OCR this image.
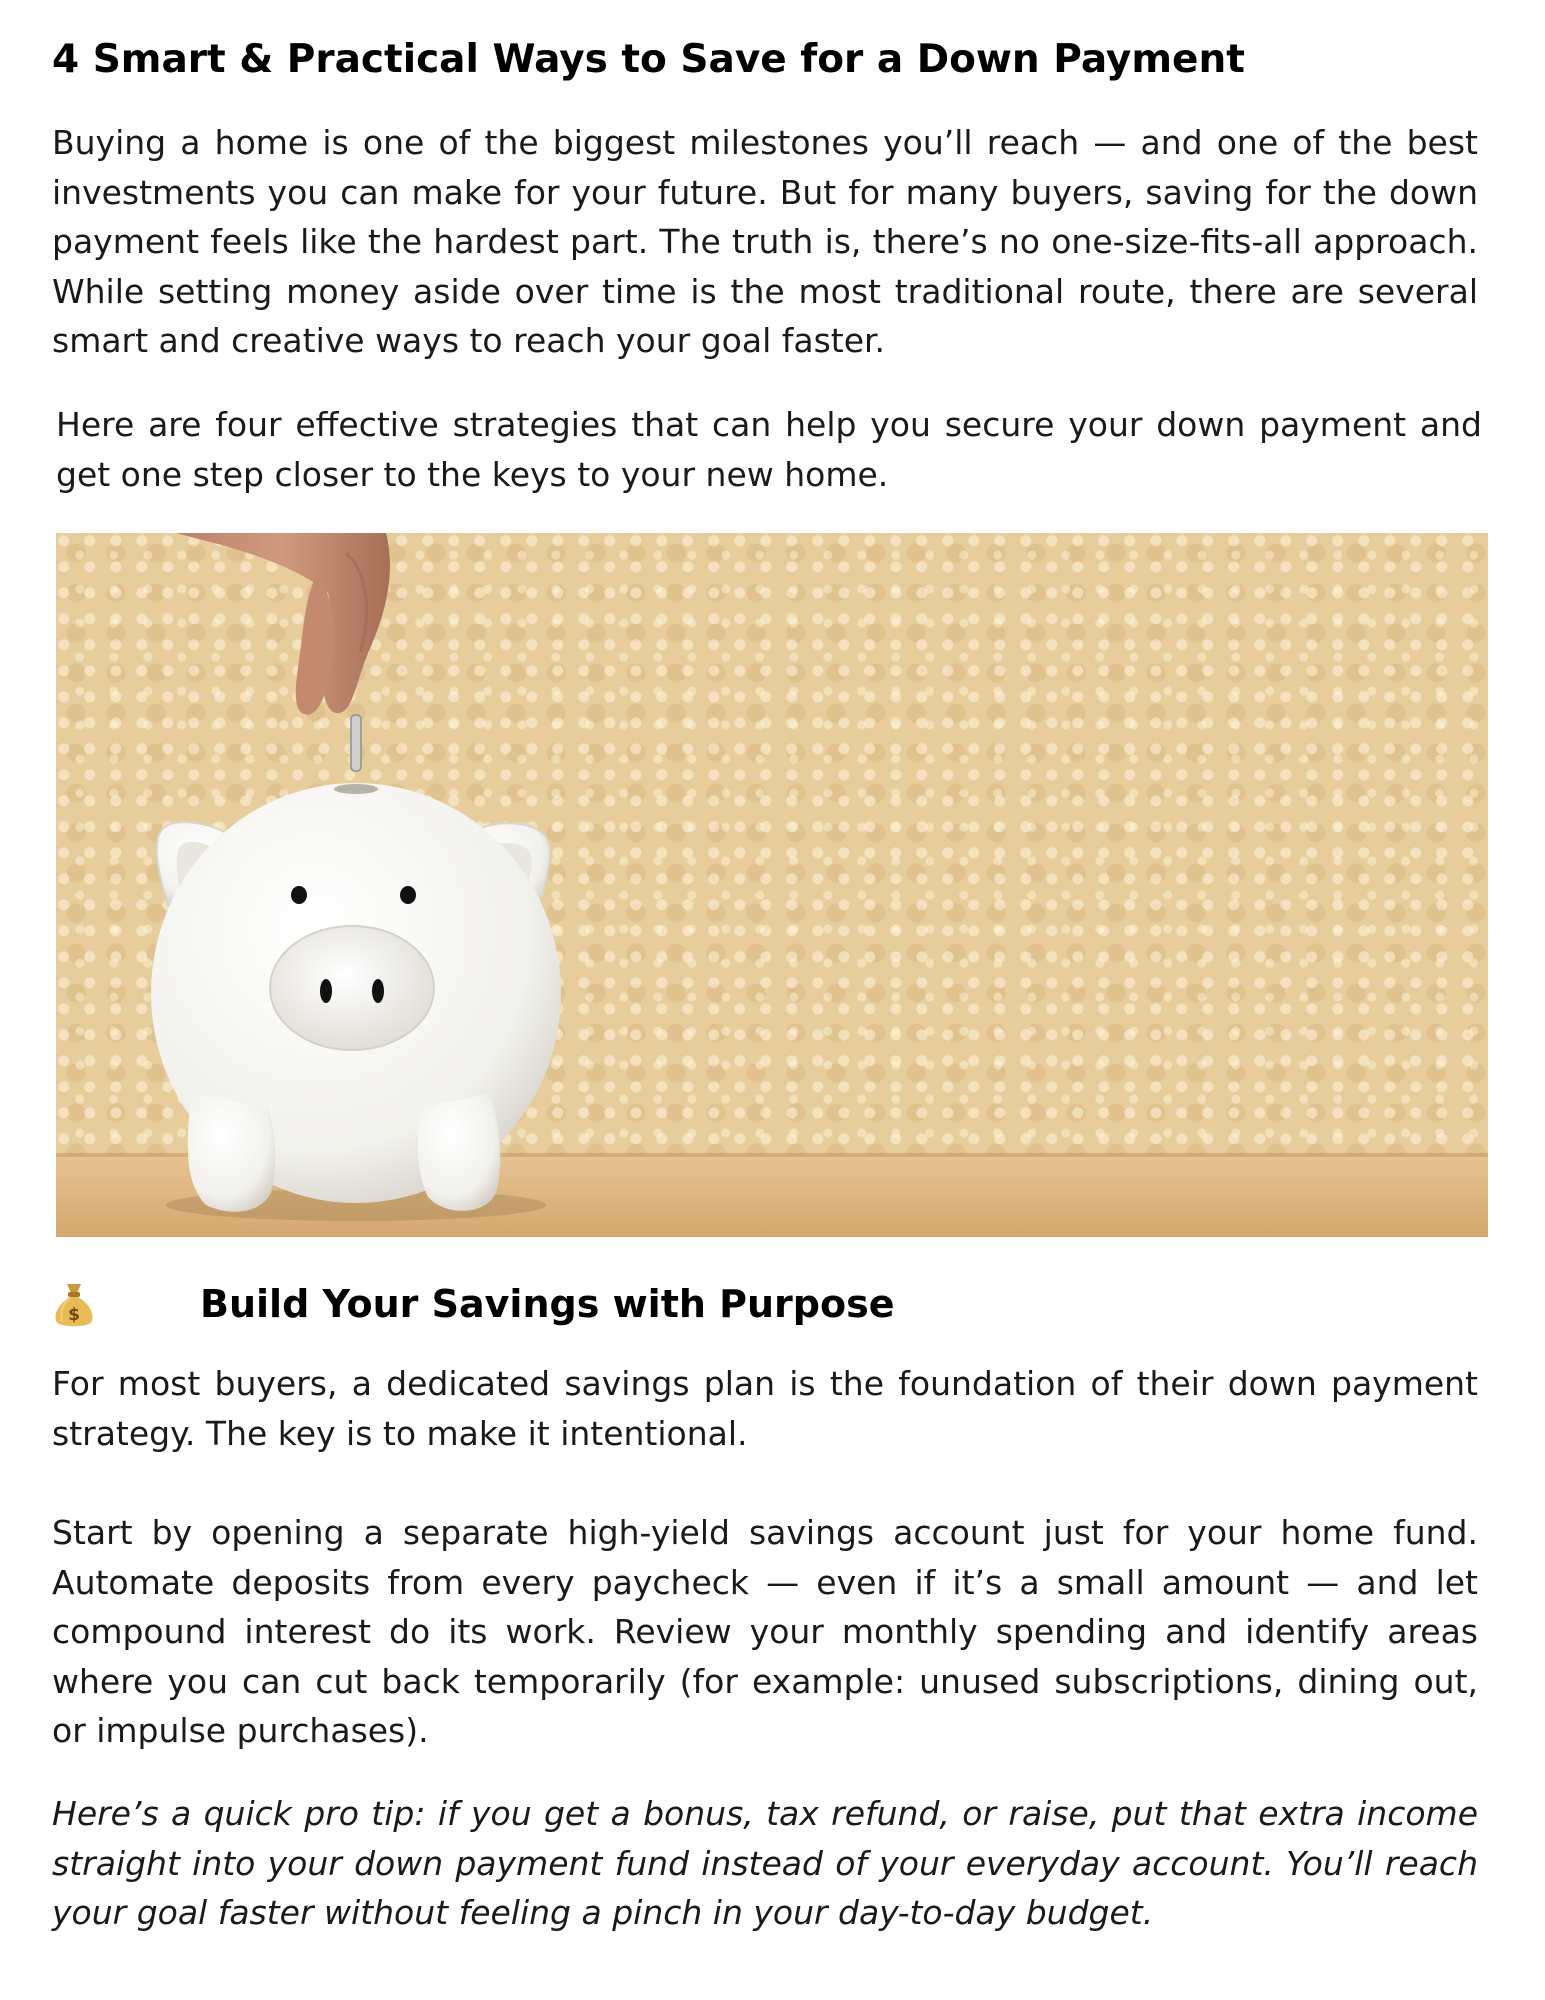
4 Smart & Practical Ways to Save for a Down Payment

Buying a home is one of the biggest milestones you’ll reach — and one of the best investments you can make for your future. But for many buyers, saving for the down payment feels like the hardest part. The truth is, there’s no one-size-fits-all approach. While setting money aside over time is the most traditional route, there are several smart and creative ways to reach your goal faster.

Here are four effective strategies that can help you secure your down payment and get one step closer to the keys to your new home.

$	Build Your Savings with Purpose

For most buyers, a dedicated savings plan is the foundation of their down payment strategy. The key is to make it intentional.

Start by opening a separate high-yield savings account just for your home fund. Automate deposits from every paycheck — even if it’s a small amount — and let compound interest do its work. Review your monthly spending and identify areas where you can cut back temporarily (for example: unused subscriptions, dining out, or impulse purchases).

Here’s a quick pro tip: if you get a bonus, tax refund, or raise, put that extra income straight into your down payment fund instead of your everyday account. You’ll reach your goal faster without feeling a pinch in your day-to-day budget.
